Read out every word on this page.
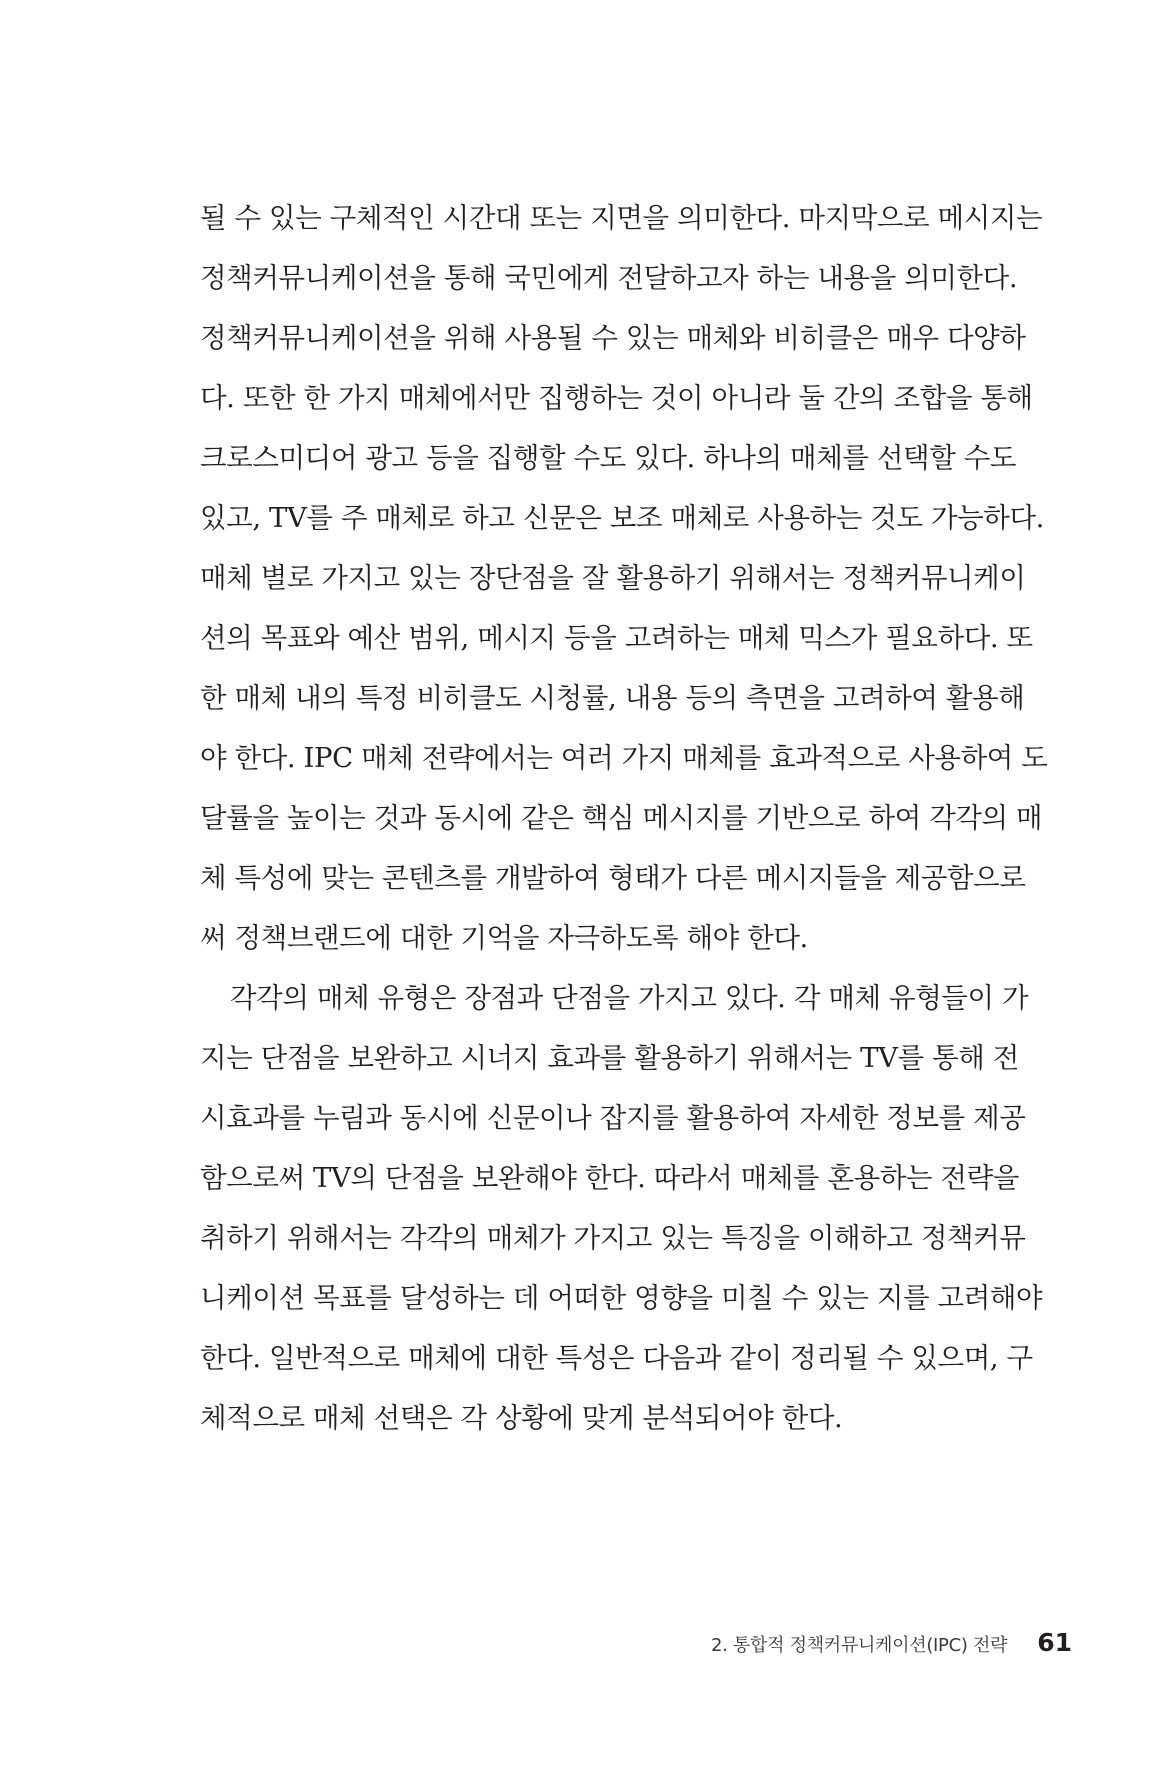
될 수 있는 구체적인 시간대 또는 지면을 의미한다. 마지막으로 메시지는
정책커뮤니케이션을 통해 국민에게 전달하고자 하는 내용을 의미한다.
정책커뮤니케이션을 위해 사용될 수 있는 매체와 비히클은 매우 다양하
다. 또한 한 가지 매체에서만 집행하는 것이 아니라 둘 간의 조합을 통해
크로스미디어 광고 등을 집행할 수도 있다. 하나의 매체를 선택할 수도
있고, TV를 주 매체로 하고 신문은 보조 매체로 사용하는 것도 가능하다.
매체 별로 가지고 있는 장단점을 잘 활용하기 위해서는 정책커뮤니케이
션의 목표와 예산 범위, 메시지 등을 고려하는 매체 믹스가 필요하다. 또
한 매체 내의 특정 비히클도 시청률, 내용 등의 측면을 고려하여 활용해
야 한다. IPC 매체 전략에서는 여러 가지 매체를 효과적으로 사용하여 도
달률을 높이는 것과 동시에 같은 핵심 메시지를 기반으로 하여 각각의 매
체 특성에 맞는 콘텐츠를 개발하여 형태가 다른 메시지들을 제공함으로
써 정책브랜드에 대한 기억을 자극하도록 해야 한다.
각각의 매체 유형은 장점과 단점을 가지고 있다. 각 매체 유형들이 가
지는 단점을 보완하고 시너지 효과를 활용하기 위해서는 TV를 통해 전
시효과를 누림과 동시에 신문이나 잡지를 활용하여 자세한 정보를 제공
함으로써 TV의 단점을 보완해야 한다. 따라서 매체를 혼용하는 전략을
취하기 위해서는 각각의 매체가 가지고 있는 특징을 이해하고 정책커뮤
니케이션 목표를 달성하는 데 어떠한 영향을 미칠 수 있는 지를 고려해야
한다. 일반적으로 매체에 대한 특성은 다음과 같이 정리될 수 있으며, 구
체적으로 매체 선택은 각 상황에 맞게 분석되어야 한다.
2. 통합적 정책커뮤니케이션(IPC) 전략 61
